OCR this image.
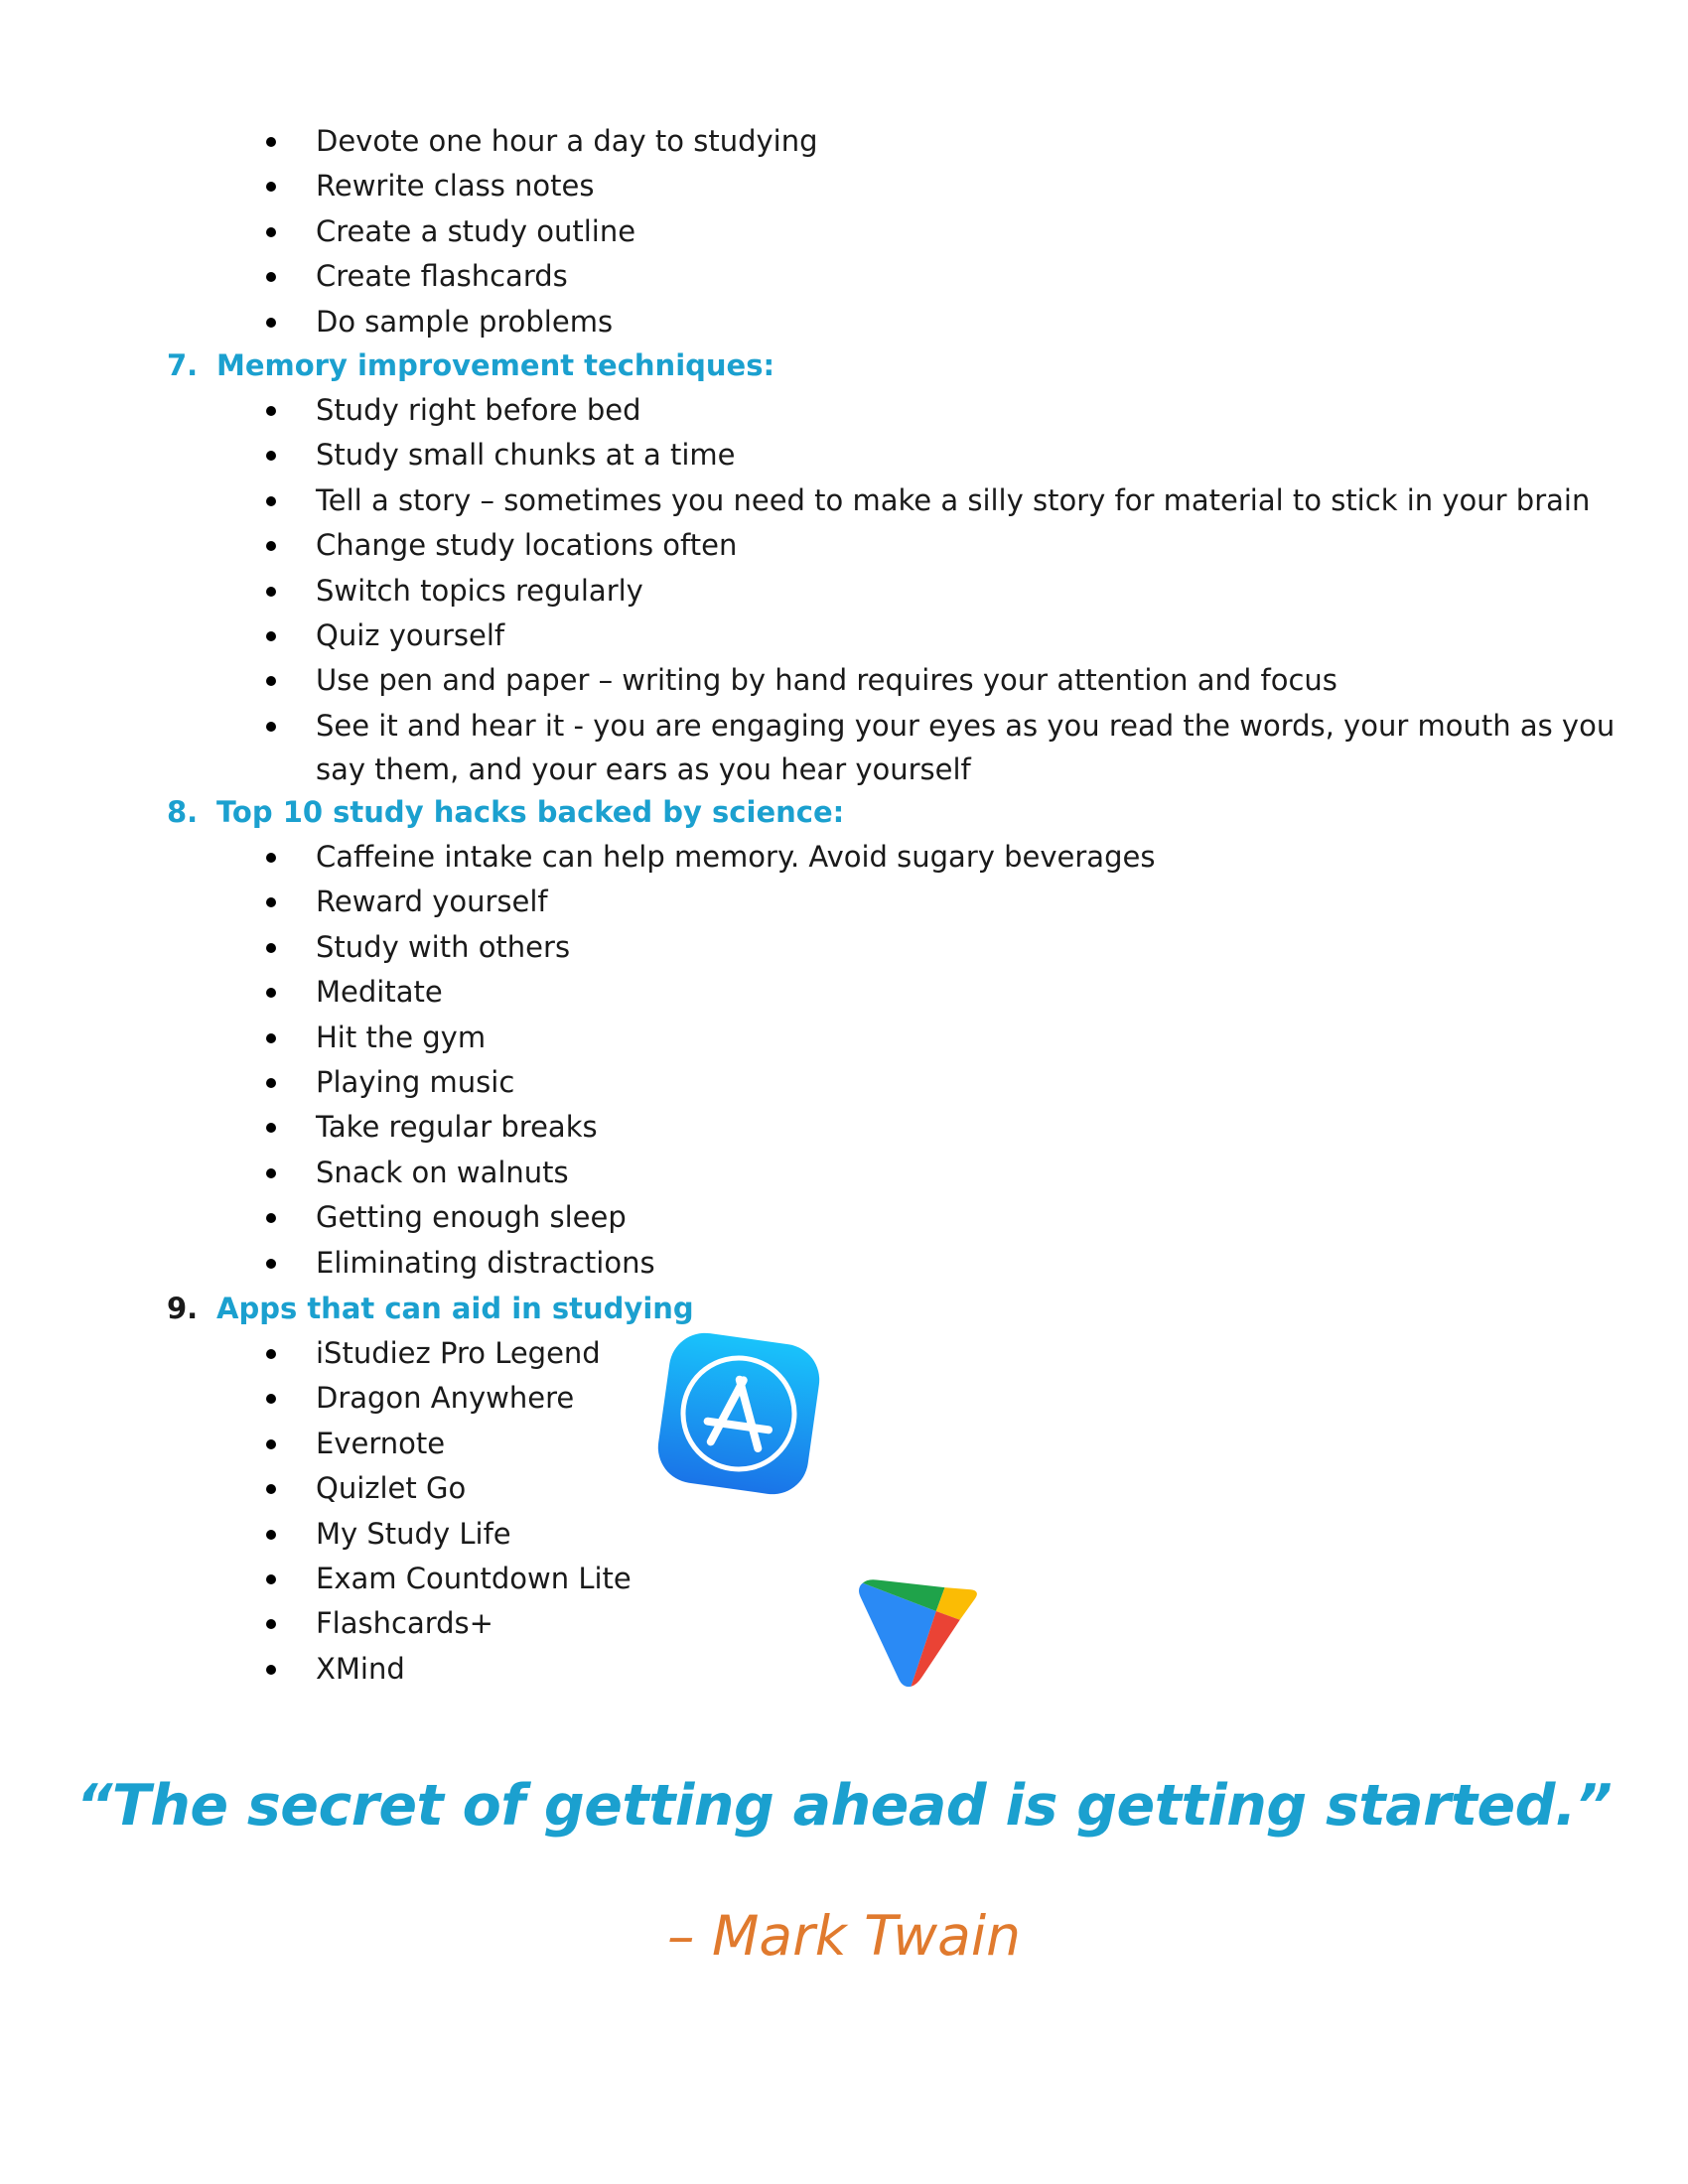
Devote one hour a day to studying
Rewrite class notes
Create a study outline
Create flashcards
Do sample problems
7. Memory improvement techniques:
Study right before bed
Study small chunks at a time
Tell a story – sometimes you need to make a silly story for material to stick in your brain
Change study locations often
Switch topics regularly
Quiz yourself
Use pen and paper – writing by hand requires your attention and focus
See it and hear it - you are engaging your eyes as you read the words, your mouth as you say them, and your ears as you hear yourself
8. Top 10 study hacks backed by science:
Caffeine intake can help memory. Avoid sugary beverages
Reward yourself
Study with others
Meditate
Hit the gym
Playing music
Take regular breaks
Snack on walnuts
Getting enough sleep
Eliminating distractions
9. Apps that can aid in studying
iStudiez Pro Legend
Dragon Anywhere
Evernote
Quizlet Go
My Study Life
Exam Countdown Lite
Flashcards+
XMind
“The secret of getting ahead is getting started.”
– Mark Twain
